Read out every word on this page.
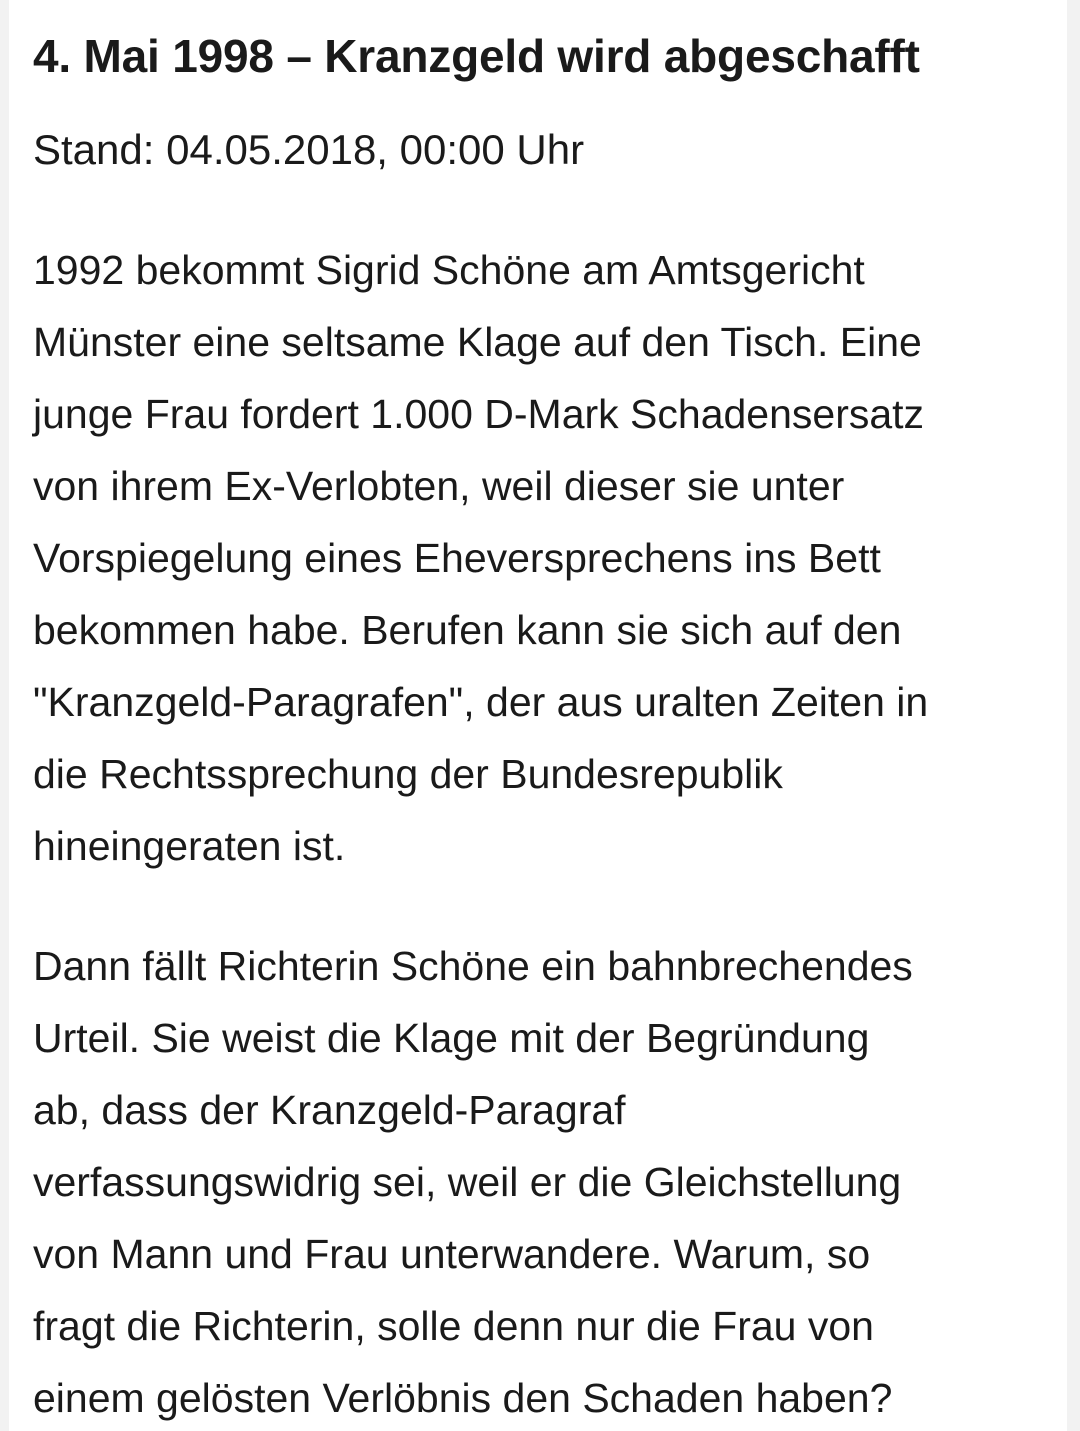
4. Mai 1998 – Kranzgeld wird abgeschafft
Stand: 04.05.2018, 00:00 Uhr

1992 bekommt Sigrid Schöne am Amtsgericht
Münster eine seltsame Klage auf den Tisch. Eine
junge Frau fordert 1.000 D-Mark Schadensersatz
von ihrem Ex-Verlobten, weil dieser sie unter
Vorspiegelung eines Eheversprechens ins Bett
bekommen habe. Berufen kann sie sich auf den
"Kranzgeld-Paragrafen", der aus uralten Zeiten in
die Rechtssprechung der Bundesrepublik
hineingeraten ist.

Dann fällt Richterin Schöne ein bahnbrechendes
Urteil. Sie weist die Klage mit der Begründung
ab, dass der Kranzgeld-Paragraf
verfassungswidrig sei, weil er die Gleichstellung
von Mann und Frau unterwandere. Warum, so
fragt die Richterin, solle denn nur die Frau von
einem gelösten Verlöbnis den Schaden haben?
